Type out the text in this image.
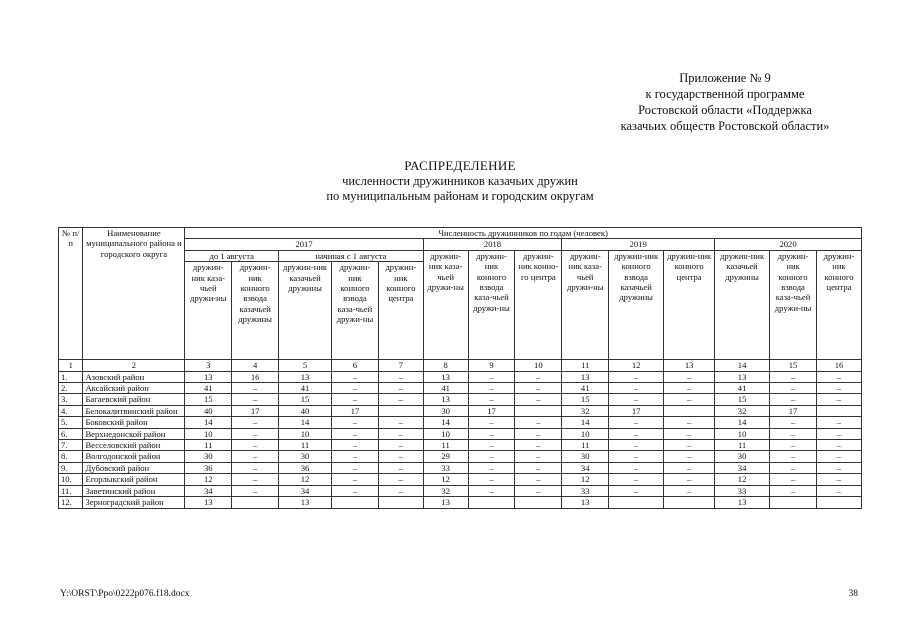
Приложение № 9
к государственной программе
Ростовской области «Поддержка
казачьих обществ Ростовской области»
РАСПРЕДЕЛЕНИЕ
численности дружинников казачьих дружин
по муниципальным районам и городским округам
№ п/п	Наименование муниципального района и городского округа	Численность дружинников по годам (человек)													
		2017					2018			2019			2020		
		до 1 августа		начиная с 1 августа			дружин-ник каза-чьей дружи-ны	дружин-ник конного взвода каза-чьей дружи-ны	дружин-ник конно-го центра	дружин-ник каза-чьей дружи-ны	дружин-ник конного взвода казачьей дружины	дружин-ник конного центра	дружин-ник казачьей дружины	дружин-ник конного взвода каза-чьей дружи-ны	дружин-ник конного центра
		дружин-ник каза-чьей дружи-ны	дружин-ник конного взвода казачьей дружины	дружин-ник казачьей дружины	дружин-ник конного взвода каза-чьей дружи-ны	дружин-ник конного центра									
1	2	3	4	5	6	7	8	9	10	11	12	13	14	15	16
1.	Азовский район	13	16	13	–	–	13	–	–	13	–	–	13	–	–
2.	Аксайский район	41	–	41	–	–	41	–	–	41	–	–	41	–	–
3.	Багаевский район	15	–	15	–	–	13	–	–	15	–	–	15	–	–
4.	Белокалитвинский район	40	17	40	17		30	17		32	17		32	17	
5.	Боковский район	14	–	14	–	–	14	–	–	14	–	–	14	–	–
6.	Верхнедонской район	10	–	10	–	–	10	–	–	10	–	–	10	–	–
7.	Весселовский район	11	–	11	–	–	11	–	–	11	–	–	11	–	–
8.	Волгодонской район	30	–	30	–	–	29	–	–	30	–	–	30	–	–
9.	Дубовский район	36	–	36	–	–	33	–	–	34	–	–	34	–	–
10.	Егорлыкский район	12	–	12	–	–	12	–	–	12	–	–	12	–	–
11.	Заветинский район	34	–	34	–	–	32	–	–	33	–	–	33	–	–
12.	Зерноградский район	13		13			13			13			13		
Y:\ORST\Ppo\0222p076.f18.docx	38
